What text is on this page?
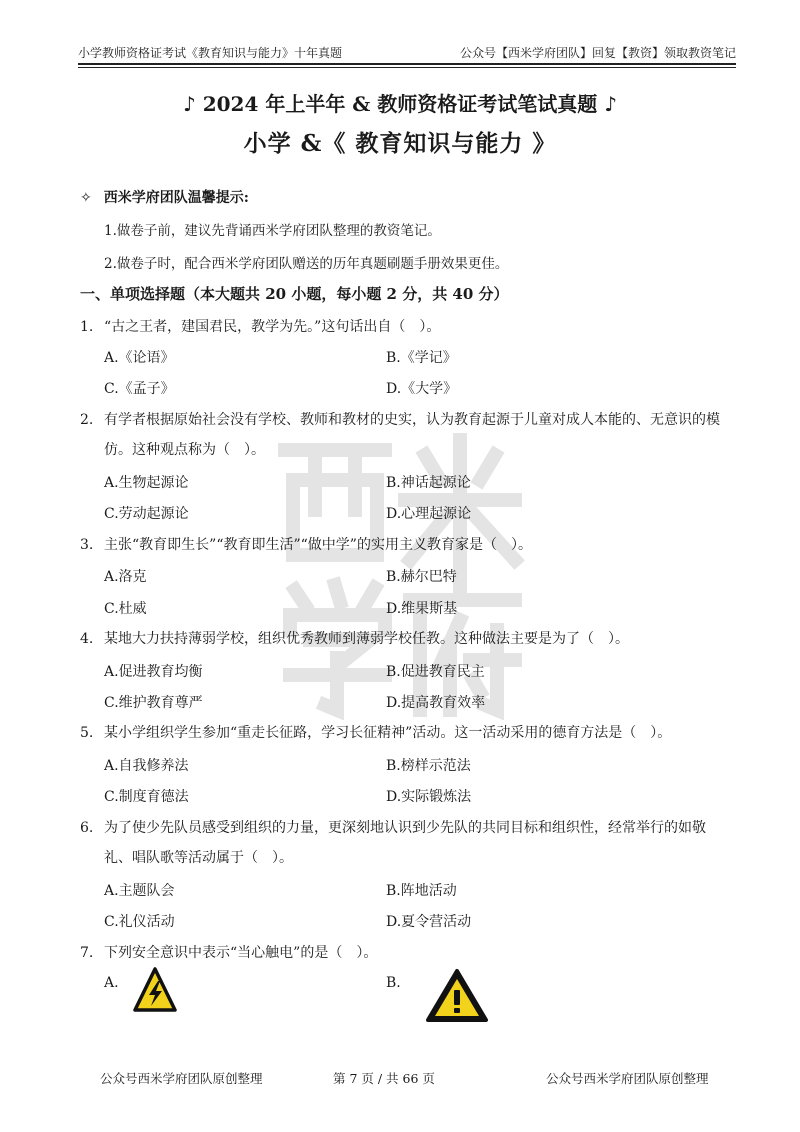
小学教师资格证考试《教育知识与能力》十年真题	公众号【西米学府团队】回复【教资】领取教资笔记
♪ 2024 年上半年 & 教师资格证考试笔试真题 ♪
小学 &《 教育知识与能力 》
✧ 西米学府团队温馨提示:
1.做卷子前，建议先背诵西米学府团队整理的教资笔记。
2.做卷子时，配合西米学府团队赠送的历年真题刷题手册效果更佳。
一、单项选择题（本大题共 20 小题，每小题 2 分，共 40 分）
1. “古之王者，建国君民，教学为先。”这句话出自（　）。
A.《论语》	B.《学记》
C.《孟子》	D.《大学》
2. 有学者根据原始社会没有学校、教师和教材的史实，认为教育起源于儿童对成人本能的、无意识的模仿。这种观点称为（　）。
A.生物起源论	B.神话起源论
C.劳动起源论	D.心理起源论
3. 主张“教育即生长”“教育即生活”“做中学”的实用主义教育家是（　）。
A.洛克	B.赫尔巴特
C.杜威	D.维果斯基
4. 某地大力扶持薄弱学校，组织优秀教师到薄弱学校任教。这种做法主要是为了（　）。
A.促进教育均衡	B.促进教育民主
C.维护教育尊严	D.提高教育效率
5. 某小学组织学生参加“重走长征路，学习长征精神”活动。这一活动采用的德育方法是（　）。
A.自我修养法	B.榜样示范法
C.制度育德法	D.实际锻炼法
6. 为了使少先队员感受到组织的力量，更深刻地认识到少先队的共同目标和组织性，经常举行的如敬礼、唱队歌等活动属于（　）。
A.主题队会	B.阵地活动
C.礼仪活动	D.夏令营活动
7. 下列安全意识中表示“当心触电”的是（　）。
A.	B.
公众号西米学府团队原创整理	第 7 页 / 共 66 页	公众号西米学府团队原创整理
